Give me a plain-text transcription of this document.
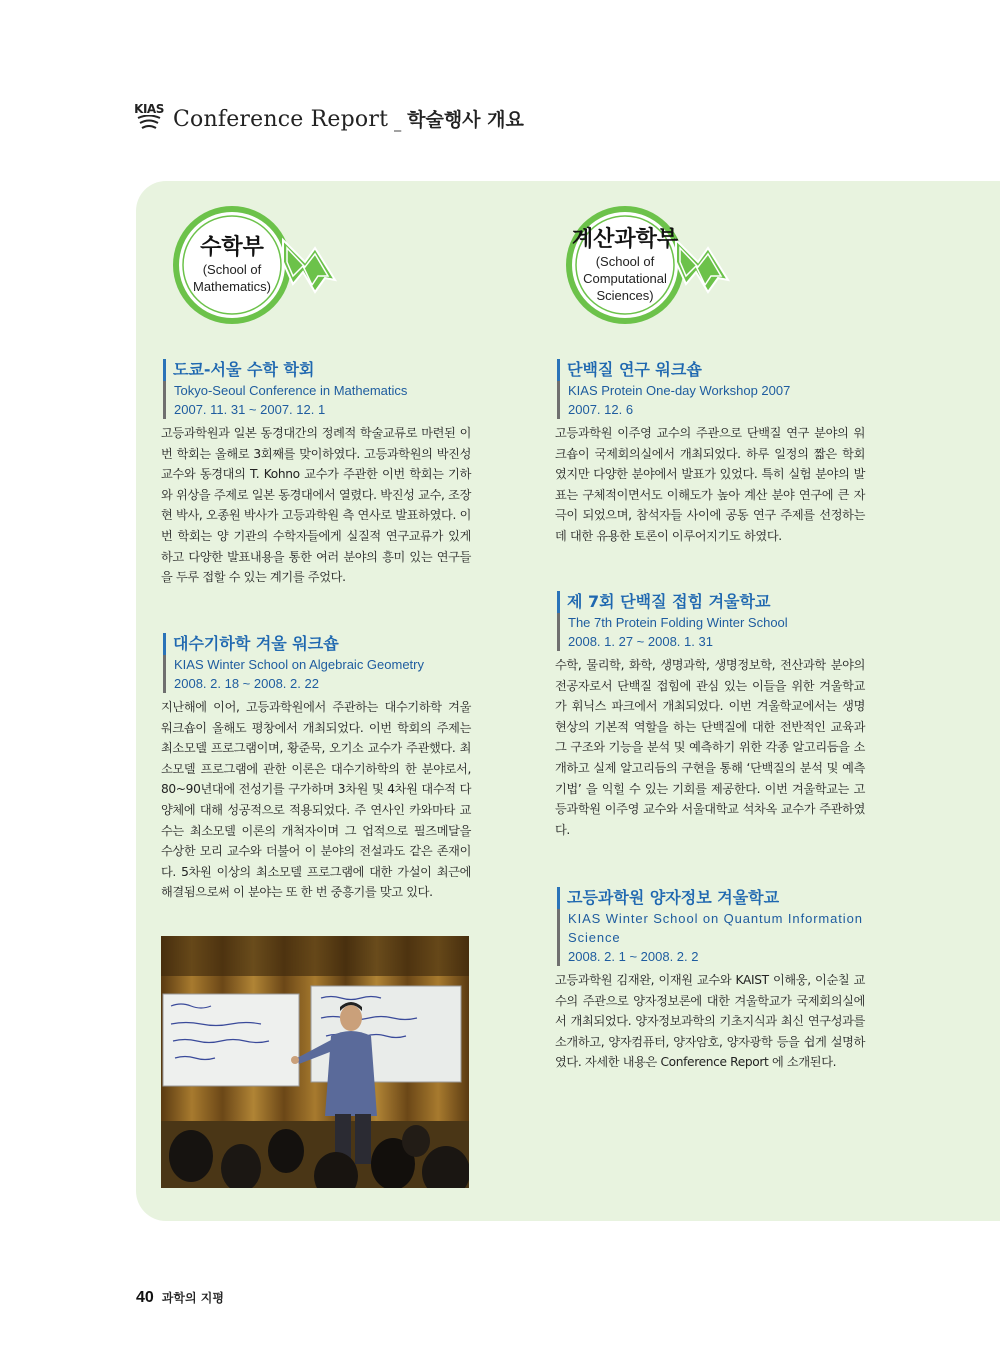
KIAS Conference Report _ 학술행사 개요
수학부
(School of
Mathematics)
계산과학부
(School of
Computational
Sciences)
도쿄-서울 수학 학회
Tokyo-Seoul Conference in Mathematics
2007. 11. 31 ~ 2007. 12. 1
고등과학원과 일본 동경대간의 정례적 학술교류로 마련된 이번 학회는 올해로 3회째를 맞이하였다. 고등과학원의 박진성 교수와 동경대의 T. Kohno 교수가 주관한 이번 학회는 기하와 위상을 주제로 일본 동경대에서 열렸다. 박진성 교수, 조장현 박사, 오종원 박사가 고등과학원 측 연사로 발표하였다. 이번 학회는 양 기관의 수학자들에게 실질적 연구교류가 있게 하고 다양한 발표내용을 통한 여러 분야의 흥미 있는 연구들을 두루 접할 수 있는 계기를 주었다.
대수기하학 겨울 워크숍
KIAS Winter School on Algebraic Geometry
2008. 2. 18 ~ 2008. 2. 22
지난해에 이어, 고등과학원에서 주관하는 대수기하학 겨울 워크숍이 올해도 평창에서 개최되었다. 이번 학회의 주제는 최소모델 프로그램이며, 황준묵, 오기소 교수가 주관했다. 최소모델 프로그램에 관한 이론은 대수기하학의 한 분야로서, 80~90년대에 전성기를 구가하며 3차원 및 4차원 대수적 다양체에 대해 성공적으로 적용되었다. 주 연사인 카와마타 교수는 최소모델 이론의 개척자이며 그 업적으로 필즈메달을 수상한 모리 교수와 더불어 이 분야의 전설과도 같은 존재이다. 5차원 이상의 최소모델 프로그램에 대한 가설이 최근에 해결됨으로써 이 분야는 또 한 번 중흥기를 맞고 있다.
단백질 연구 워크숍
KIAS Protein One-day Workshop 2007
2007. 12. 6
고등과학원 이주영 교수의 주관으로 단백질 연구 분야의 워크숍이 국제회의실에서 개최되었다. 하루 일정의 짧은 학회였지만 다양한 분야에서 발표가 있었다. 특히 실험 분야의 발표는 구체적이면서도 이해도가 높아 계산 분야 연구에 큰 자극이 되었으며, 참석자들 사이에 공동 연구 주제를 선정하는 데 대한 유용한 토론이 이루어지기도 하였다.
제 7회 단백질 접힘 겨울학교
The 7th Protein Folding Winter School
2008. 1. 27 ~ 2008. 1. 31
수학, 물리학, 화학, 생명과학, 생명정보학, 전산과학 분야의 전공자로서 단백질 접힘에 관심 있는 이들을 위한 겨울학교가 휘닉스 파크에서 개최되었다. 이번 겨울학교에서는 생명현상의 기본적 역할을 하는 단백질에 대한 전반적인 교육과 그 구조와 기능을 분석 및 예측하기 위한 각종 알고리듬을 소개하고 실제 알고리듬의 구현을 통해 ‘단백질의 분석 및 예측 기법’ 을 익힐 수 있는 기회를 제공한다. 이번 겨울학교는 고등과학원 이주영 교수와 서울대학교 석차옥 교수가 주관하였다.
고등과학원 양자정보 겨울학교
KIAS Winter School on Quantum Information Science
2008. 2. 1 ~ 2008. 2. 2
고등과학원 김재완, 이재원 교수와 KAIST 이해웅, 이순칠 교수의 주관으로 양자정보론에 대한 겨울학교가 국제회의실에서 개최되었다. 양자정보과학의 기초지식과 최신 연구성과를 소개하고, 양자컴퓨터, 양자암호, 양자광학 등을 쉽게 설명하였다. 자세한 내용은 Conference Report 에 소개된다.
40 과학의 지평
